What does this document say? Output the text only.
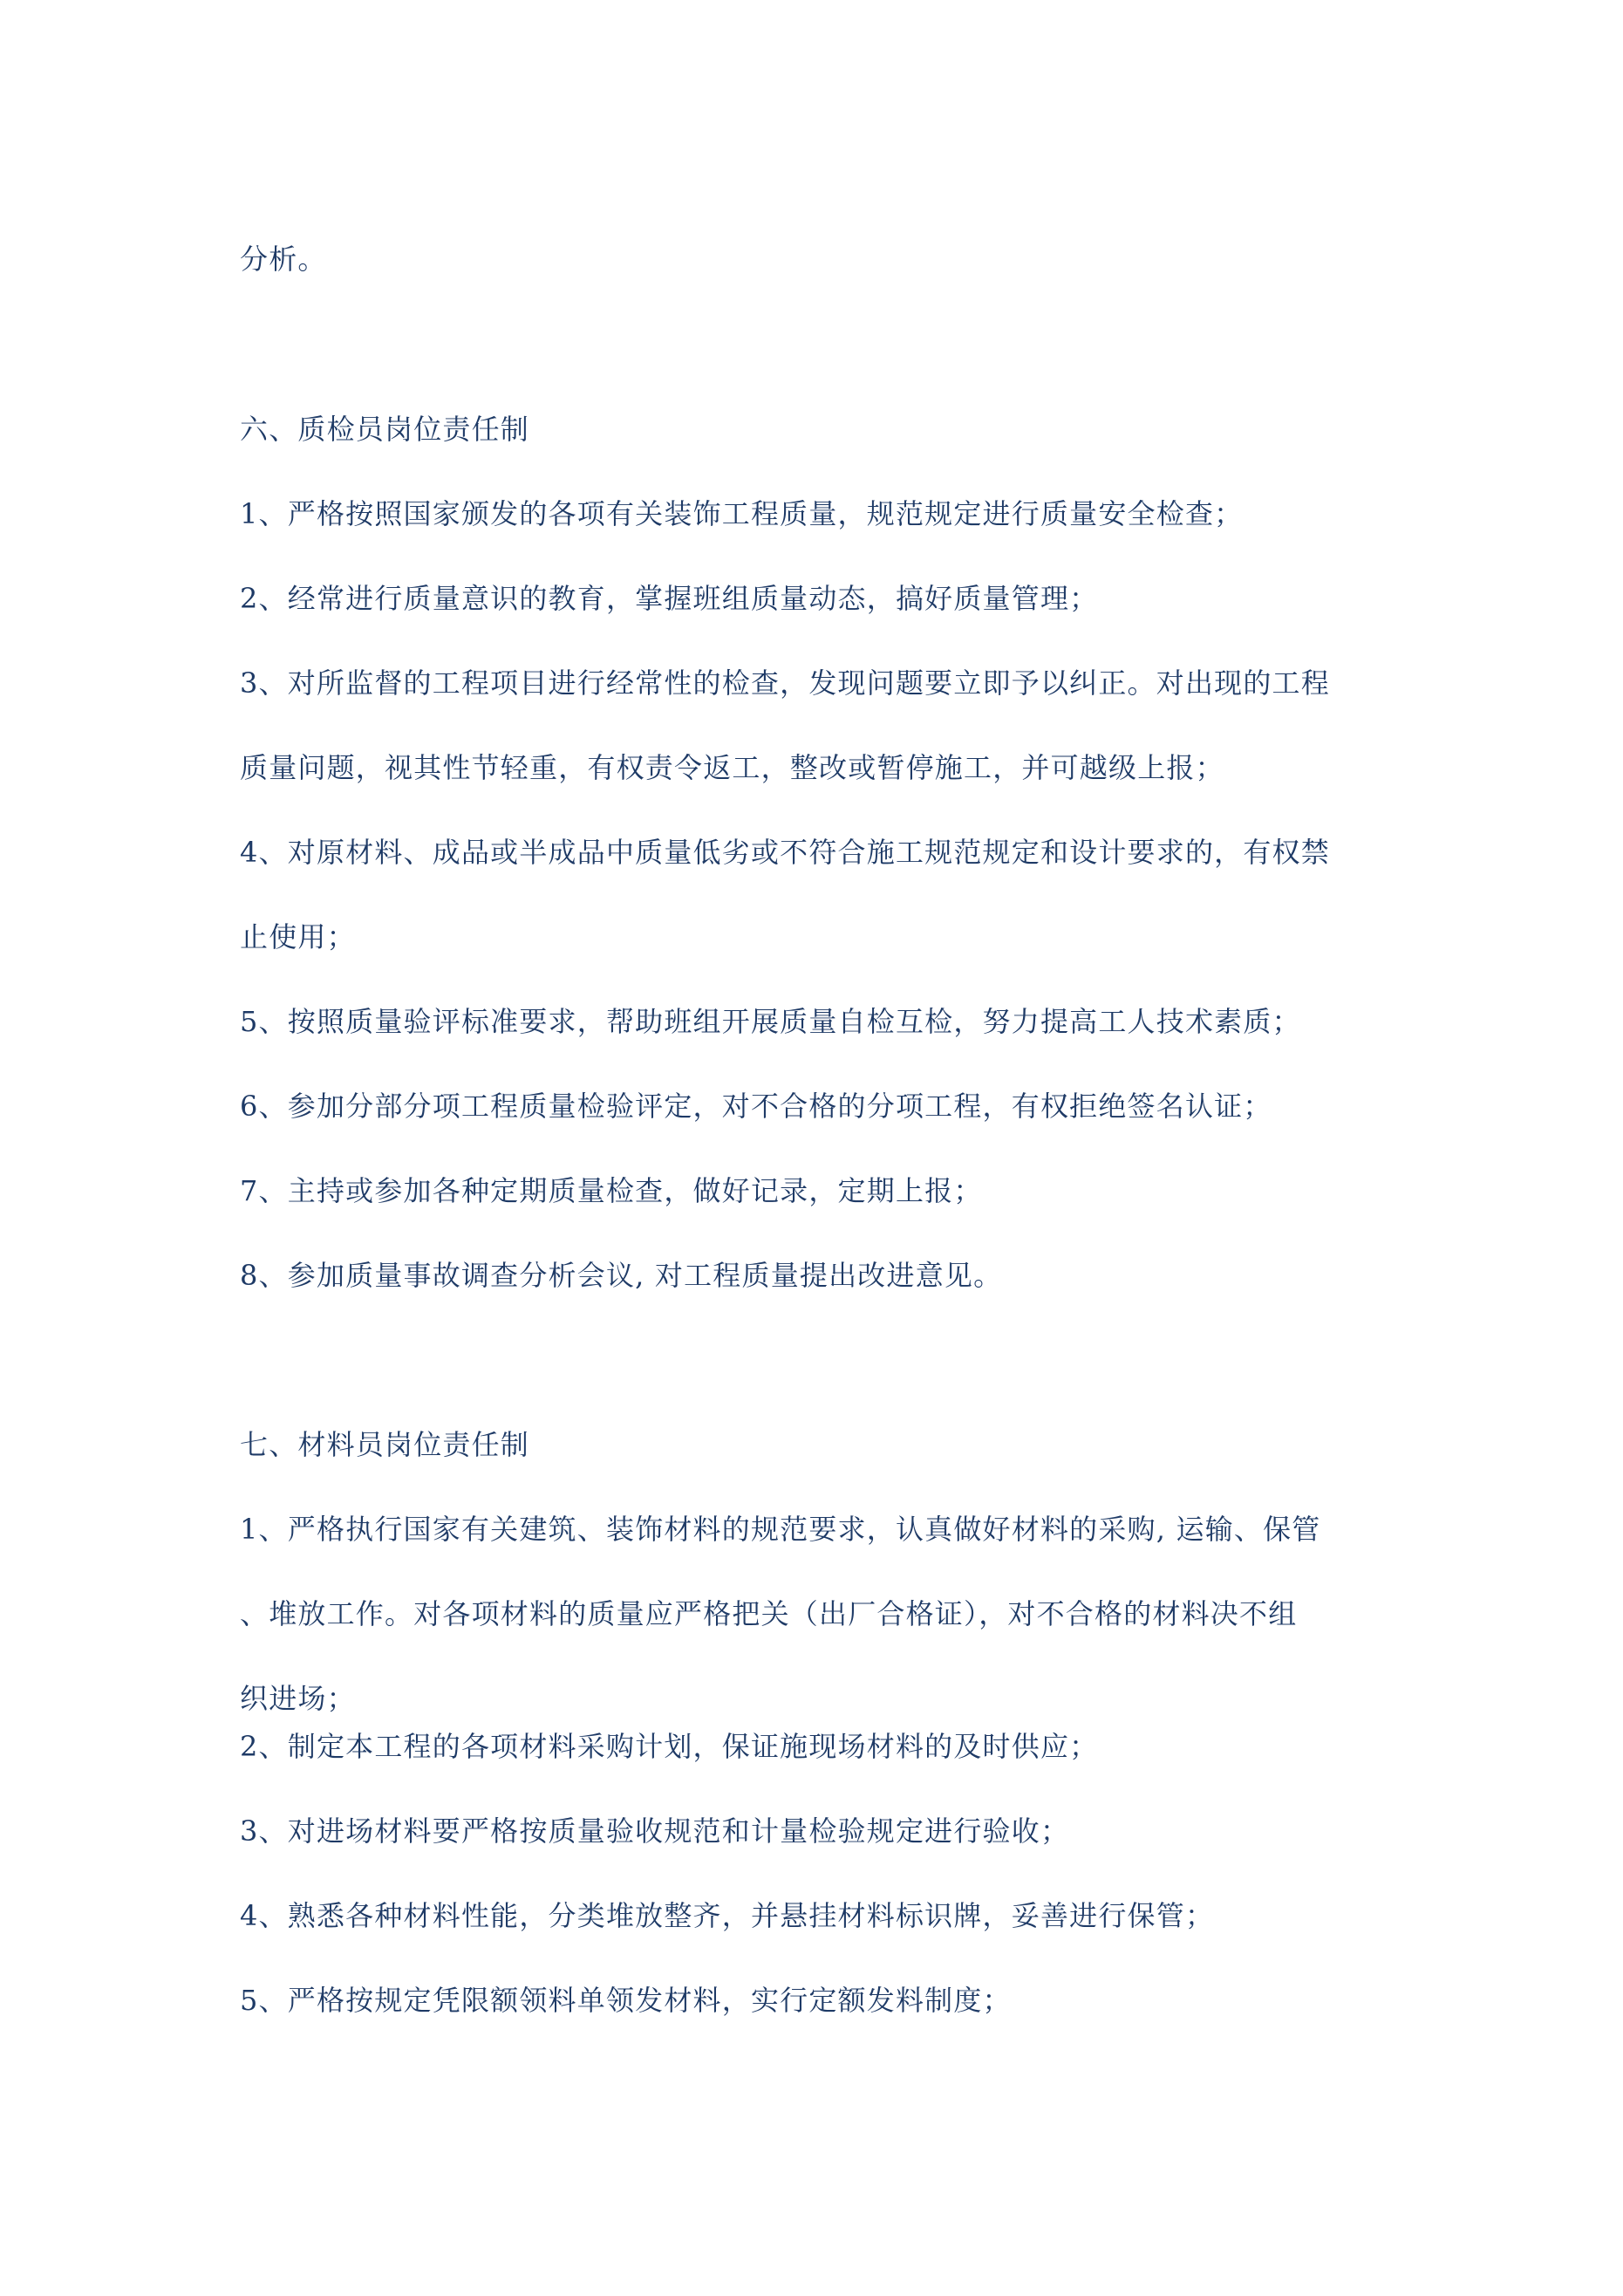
分析。
六、质检员岗位责任制
1、严格按照国家颁发的各项有关装饰工程质量，规范规定进行质量安全检查；
2、经常进行质量意识的教育，掌握班组质量动态，搞好质量管理；
3、对所监督的工程项目进行经常性的检查，发现问题要立即予以纠正。对出现的工程
质量问题，视其性节轻重，有权责令返工，整改或暂停施工，并可越级上报；
4、对原材料、成品或半成品中质量低劣或不符合施工规范规定和设计要求的，有权禁
止使用；
5、按照质量验评标准要求，帮助班组开展质量自检互检，努力提高工人技术素质；
6、参加分部分项工程质量检验评定，对不合格的分项工程，有权拒绝签名认证；
7、主持或参加各种定期质量检查，做好记录，定期上报；
8、参加质量事故调查分析会议, 对工程质量提出改进意见。
七、材料员岗位责任制
1、严格执行国家有关建筑、装饰材料的规范要求，认真做好材料的采购, 运输、保管
、堆放工作。对各项材料的质量应严格把关（出厂合格证），对不合格的材料决不组
织进场；
2、制定本工程的各项材料采购计划，保证施现场材料的及时供应；
3、对进场材料要严格按质量验收规范和计量检验规定进行验收；
4、熟悉各种材料性能，分类堆放整齐，并悬挂材料标识牌，妥善进行保管；
5、严格按规定凭限额领料单领发材料，实行定额发料制度；
